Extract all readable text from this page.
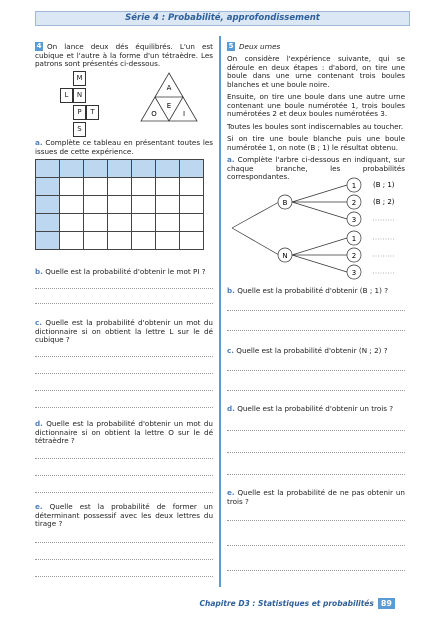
Série 4 : Probabilité, approfondissement
4 On lance deux dés équilibrés. L'un est cubique et l'autre à la forme d'un tétraèdre. Les patrons sont présentés ci-dessous.
M
L	N
P	T
S
A
E
O	I
a. Complète ce tableau en présentant toutes les issues de cette expérience.

b. Quelle est la probabilité d'obtenir le mot PI ?
c. Quelle est la probabilité d'obtenir un mot du dictionnaire si on obtient la lettre L sur le dé cubique ?
d. Quelle est la probabilité d'obtenir un mot du dictionnaire si on obtient la lettre O sur le dé tétraèdre ?
e. Quelle est la probabilité de former un déterminant possessif avec les deux lettres du tirage ?
5 Deux urnes
On considère l'expérience suivante, qui se déroule en deux étapes : d'abord, on tire une boule dans une urne contenant trois boules blanches et une boule noire.
Ensuite, on tire une boule dans une autre urne contenant une boule numérotée 1, trois boules numérotées 2 et deux boules numérotées 3.
Toutes les boules sont indiscernables au toucher.
Si on tire une boule blanche puis une boule numérotée 1, on note (B ; 1) le résultat obtenu.
a. Complète l'arbre ci-dessous en indiquant, sur chaque branche, les probabilités correspondantes.
B
N
1
2
3
1
2
3
(B ; 1)
(B ; 2)
b. Quelle est la probabilité d'obtenir (B ; 1) ?
c. Quelle est la probabilité d'obtenir (N ; 2) ?
d. Quelle est la probabilité d'obtenir un trois ?
e. Quelle est la probabilité de ne pas obtenir un trois ?
Chapitre D3 : Statistiques et probabilités 89
